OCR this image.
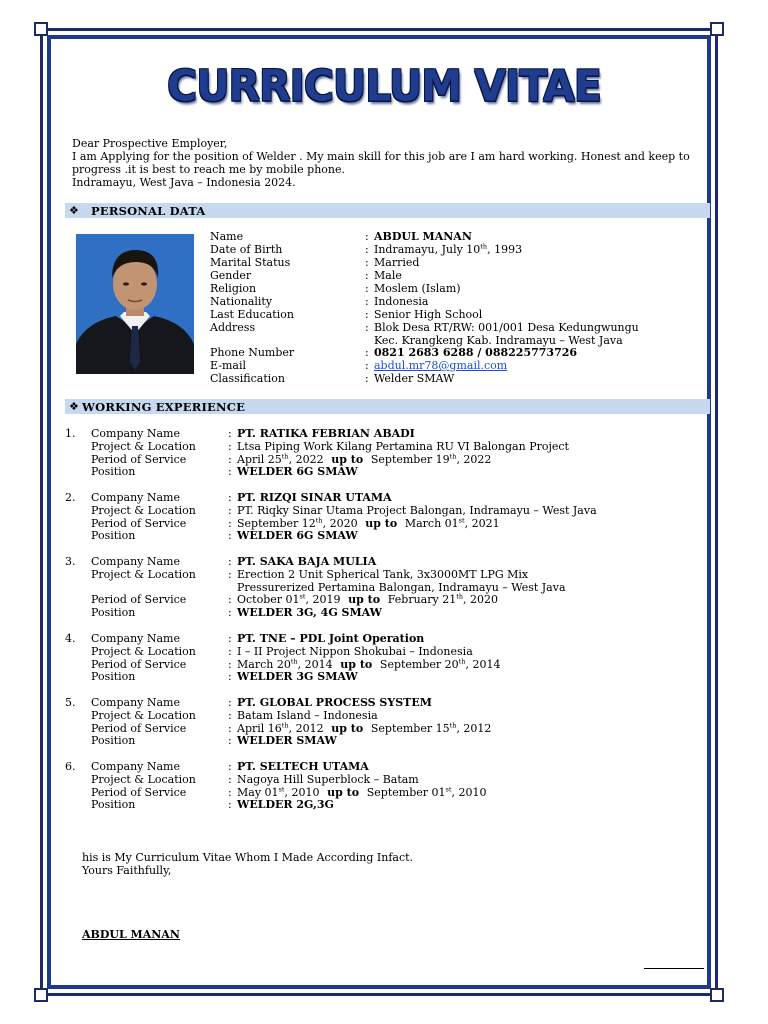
CURRICULUM VITAE
Dear Prospective Employer,
I am Applying for the position of Welder . My main skill for this job are I am hard working. Honest and keep to
progress .it is best to reach me by mobile phone.
Indramayu, West Java – Indonesia 2024.
❖ PERSONAL DATA
Name	: ABDUL MANAN
Date of Birth	: Indramayu, July 10th, 1993
Marital Status	: Married
Gender	: Male
Religion	: Moslem (Islam)
Nationality	: Indonesia
Last Education	: Senior High School
Address	: Blok Desa RT/RW: 001/001 Desa Kedungwungu
Kec. Krangkeng Kab. Indramayu – West Java
Phone Number	: 0821 2683 6288 / 088225773726
E-mail	: abdul.mr78@gmail.com
Classification	: Welder SMAW
❖ WORKING EXPERIENCE
1. Company Name	: PT. RATIKA FEBRIAN ABADI
Project & Location	: Ltsa Piping Work Kilang Pertamina RU VI Balongan Project
Period of Service	: April 25th, 2022  up to  September 19th, 2022
Position	: WELDER 6G SMAW
2. Company Name	: PT. RIZQI SINAR UTAMA
Project & Location	: PT. Riqky Sinar Utama Project Balongan, Indramayu – West Java
Period of Service	: September 12th, 2020  up to  March 01st, 2021
Position	: WELDER 6G SMAW
3. Company Name	: PT. SAKA BAJA MULIA
Project & Location	: Erection 2 Unit Spherical Tank, 3x3000MT LPG Mix
Pressurerized Pertamina Balongan, Indramayu – West Java
Period of Service	: October 01st, 2019  up to  February 21th, 2020
Position	: WELDER 3G, 4G SMAW
4. Company Name	: PT. TNE – PDL Joint Operation
Project & Location	: I – II Project Nippon Shokubai – Indonesia
Period of Service	: March 20th, 2014  up to  September 20th, 2014
Position	: WELDER 3G SMAW
5. Company Name	: PT. GLOBAL PROCESS SYSTEM
Project & Location	: Batam Island – Indonesia
Period of Service	: April 16th, 2012  up to  September 15th, 2012
Position	: WELDER SMAW
6. Company Name	: PT. SELTECH UTAMA
Project & Location	: Nagoya Hill Superblock – Batam
Period of Service	: May 01st, 2010  up to  September 01st, 2010
Position	: WELDER 2G,3G
his is My Curriculum Vitae Whom I Made According Infact.
Yours Faithfully,
ABDUL MANAN
